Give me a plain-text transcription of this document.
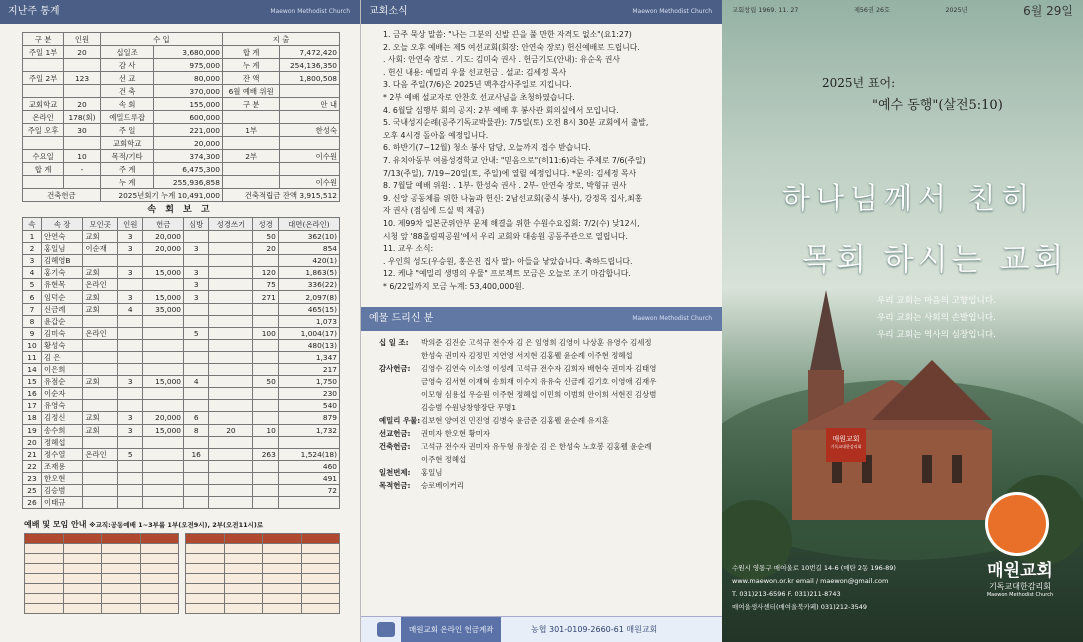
지난주 통계	Maewon Methodist Church
구 분	인원	수 입		지 출
주일 1부	20	십일조	3,680,000	합 계	7,472,420
		감 사	975,000	누 계	254,136,350
주일 2부	123	선 교	80,000	잔 액	1,800,508
		건 축	370,000	6월 예배 위원	
교회학교	20	속 회	155,000	구 분	안 내
온라인	178(회)	예밀드루잡	600,000		
주일 오후	30	주 일	221,000	1부	한성숙
		교회학교	20,000		
수요일	10	목적/기타	374,300	2부	이수원
합 계	-	주 계	6,475,300		
		누 계	255,936,858		이수원
건축헌금		2025년회기 누계 10,491,000		건축적립금 잔액 3,915,512	
속 회 보 고
속	속 장	모인곳	인원	헌금	심방	성경쓰기	성경	대면(온라인)
1	안연숙	교회	3	20,000			50	362(10)
2	홍일님	이순재	3	20,000	3		20	854
3	김혜영B							420(1)
4	홍기숙	교회	3	15,000	3		120	1,863(5)
5	유현목	온라인			3		75	336(22)
6	임덕순	교회	3	15,000	3		271	2,097(8)
7	신금례	교회	4	35,000				465(15)
8	윤갑순							1,073
9	김미숙	온라인			5		100	1,004(17)
10	황성숙							480(13)
11	김 은							1,347
14	이은희							217
15	유점순	교회	3	15,000	4		50	1,750
16	이순자							230
17	유영숙							540
18	김정신	교회	3	20,000	6			879
19	송수희	교회	3	15,000	8	20	10	1,732
20	정혜섭							
21	정수열	온라인	5		16		263	1,524(18)
22	조재용							460
23	한오현							491
25	김승범							72
26	이태규							
예배 및 모임 안내 ※교직:공동예배 1~3부룹 1부(오전9시), 2부(오전11시)로

교회소식	Maewon Methodist Church
1. 금주 묵상 말씀: "나는 그분의 신발 끈을 풀 만한 자격도 없소"(요1:27)
2. 오늘 오후 예배는 제5 여선교회(회장: 안연숙 장로) 헌신예배로 드립니다.
. 사회: 안연숙 장로 . 기도: 김미숙 권사 . 헌금기도(안내): 유순옥 권사
. 헌신 내용: 예밀리 우물 선교헌금 . 설교: 김세정 목사
3. 다음 주일(7/6)은 2025년 맥추감사주일로 지킵니다.
* 2부 예배 설교자로 안찬호 선교사님을 초청하였습니다.
4. 6월달 심행부 회의 공지: 2부 예배 후 봉사관 회의실에서 모입니다.
5. 국내성지순례(공주기독교박물관): 7/5일(토) 오전 8시 30분 교회에서 출발,
오후 4시경 돌아올 예정입니다.
6. 하반기(7~12월) 청소 봉사 담당, 오늘까지 접수 받습니다.
7. 유치아동부 여름성경학교 안내: "믿음으로"(히11:6)라는 주제로 7/6(주일)
7/13(주일), 7/19~20일(토, 주일)에 열릴 예정입니다. *문의: 김세정 목사
8. 7월달 예배 위원: . 1부- 한성숙 권사 . 2부- 안연숙 장로, 박형규 권사
9. 신앙 공동체를 위한 나눔과 헌신: 2남선교회(중식 봉사), 강정목 집사,최홍
자 권사 (점심에 드실 떡 제공)
10. 제99차 일본군위안부 문제 해결을 위한 수원수요집회: 7/2(수) 낮12시,
시청 앞 '88올림픽공원'에서 우리 교회와 대송원 공동주관으로 열립니다.
11. 교우 소식:
. 우인희 성도(우승원, 홍은진 집사 딸)- 아들을 낳았습니다. 축하드립니다.
12. 케냐 "예밀리 생명의 우물" 프로젝트 모금은 오늘로 조기 마감합니다.
* 6/22일까지 모금 누계: 53,400,000원.
예물 드리신 분	Maewon Methodist Church
십 일 조:	박의준 김진순 고석규 전수자 김 은 임영희 김영이 나상훈 유영수 김세정
한성숙 권미자 김정민 지연영 서지현 김홍웰 윤순례 이주현 정혜섭
감사헌금:	김영수 김연숙 이소영 이성례 고석규 전수자 김희자 배현숙 권미자 김태영
금영숙 김서현 이재혁 송희재 이수지 유유숙 신금례 김기호 이영애 김재우
이모형 심용섭 우승원 이주현 정혜섭 이민희 이범희 안이희 서현진 김상범
김승범 수원낭창향장단 무명1
예밀리 우물: 김보현 양여진 민진영 김병숙 윤금준 김홍웰 윤순례 유지훈
선교헌금:	권미자 한오현 황미자
건축헌금:	고석규 전수자 권미자 유두형 유정순 김 은 한성숙 노호봉 김홍웰 윤순례
이주현 정혜섭
일천번제:	홍일님
목적헌금:	승로베이커리
매원교회 온라인 헌금계좌	농협 301-0109-2660-61 매원교회
교회창립 1969. 11. 27	제56권 26호	2025년	6월 29일
2025년 표어:
"예수 동행"(살전5:10)
하나님께서 친히
목회 하시는 교회
우리 교회는 마음의 고향입니다.
우리 교회는 사회의 손발입니다.
우리 교회는 역사의 심장입니다.
매원교회
기독교대한감리회
수원시 영통구 매여울로 10번길 14-6 (매탄 2동 196-89)
www.maewon.or.kr email / maewon@gmail.com
T. 031)213-6596 F. 031)211-8743
매여울생사센터(매여울북카페) 031)212-3549
매원교회
기독교대한감리회
Maewon Methodist Church
